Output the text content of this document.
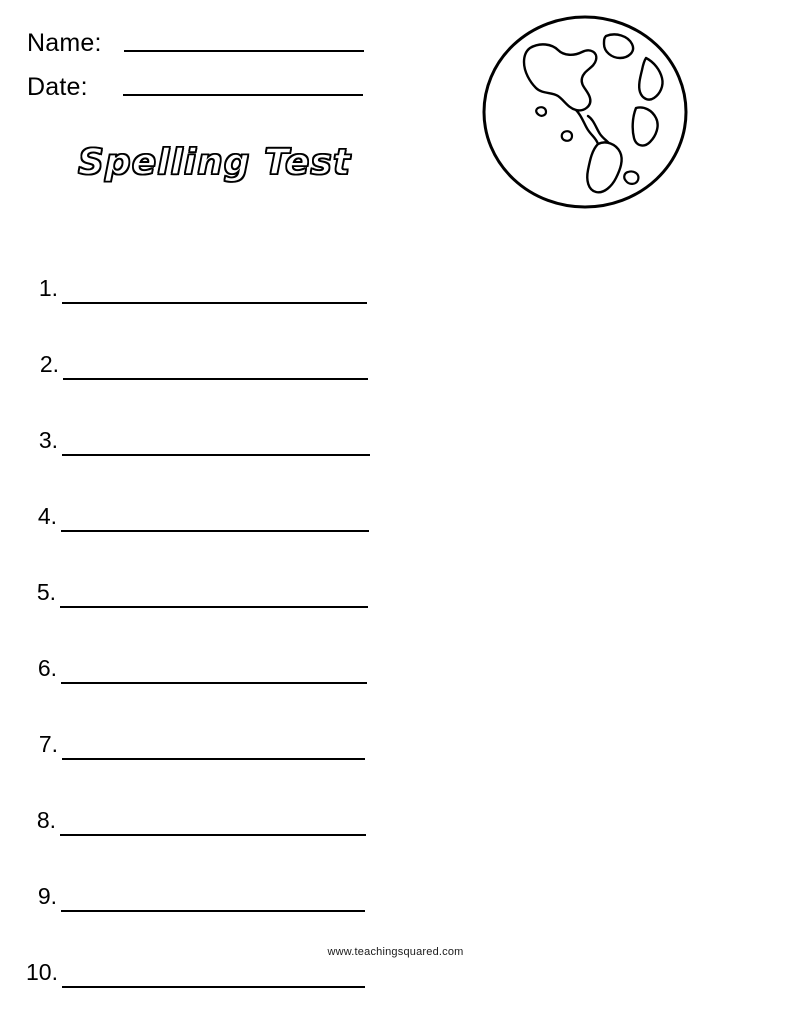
Name:
Date:
Spelling Test
1.
2.
3.
4.
5.
6.
7.
8.
9.
10.
www.teachingsquared.com
